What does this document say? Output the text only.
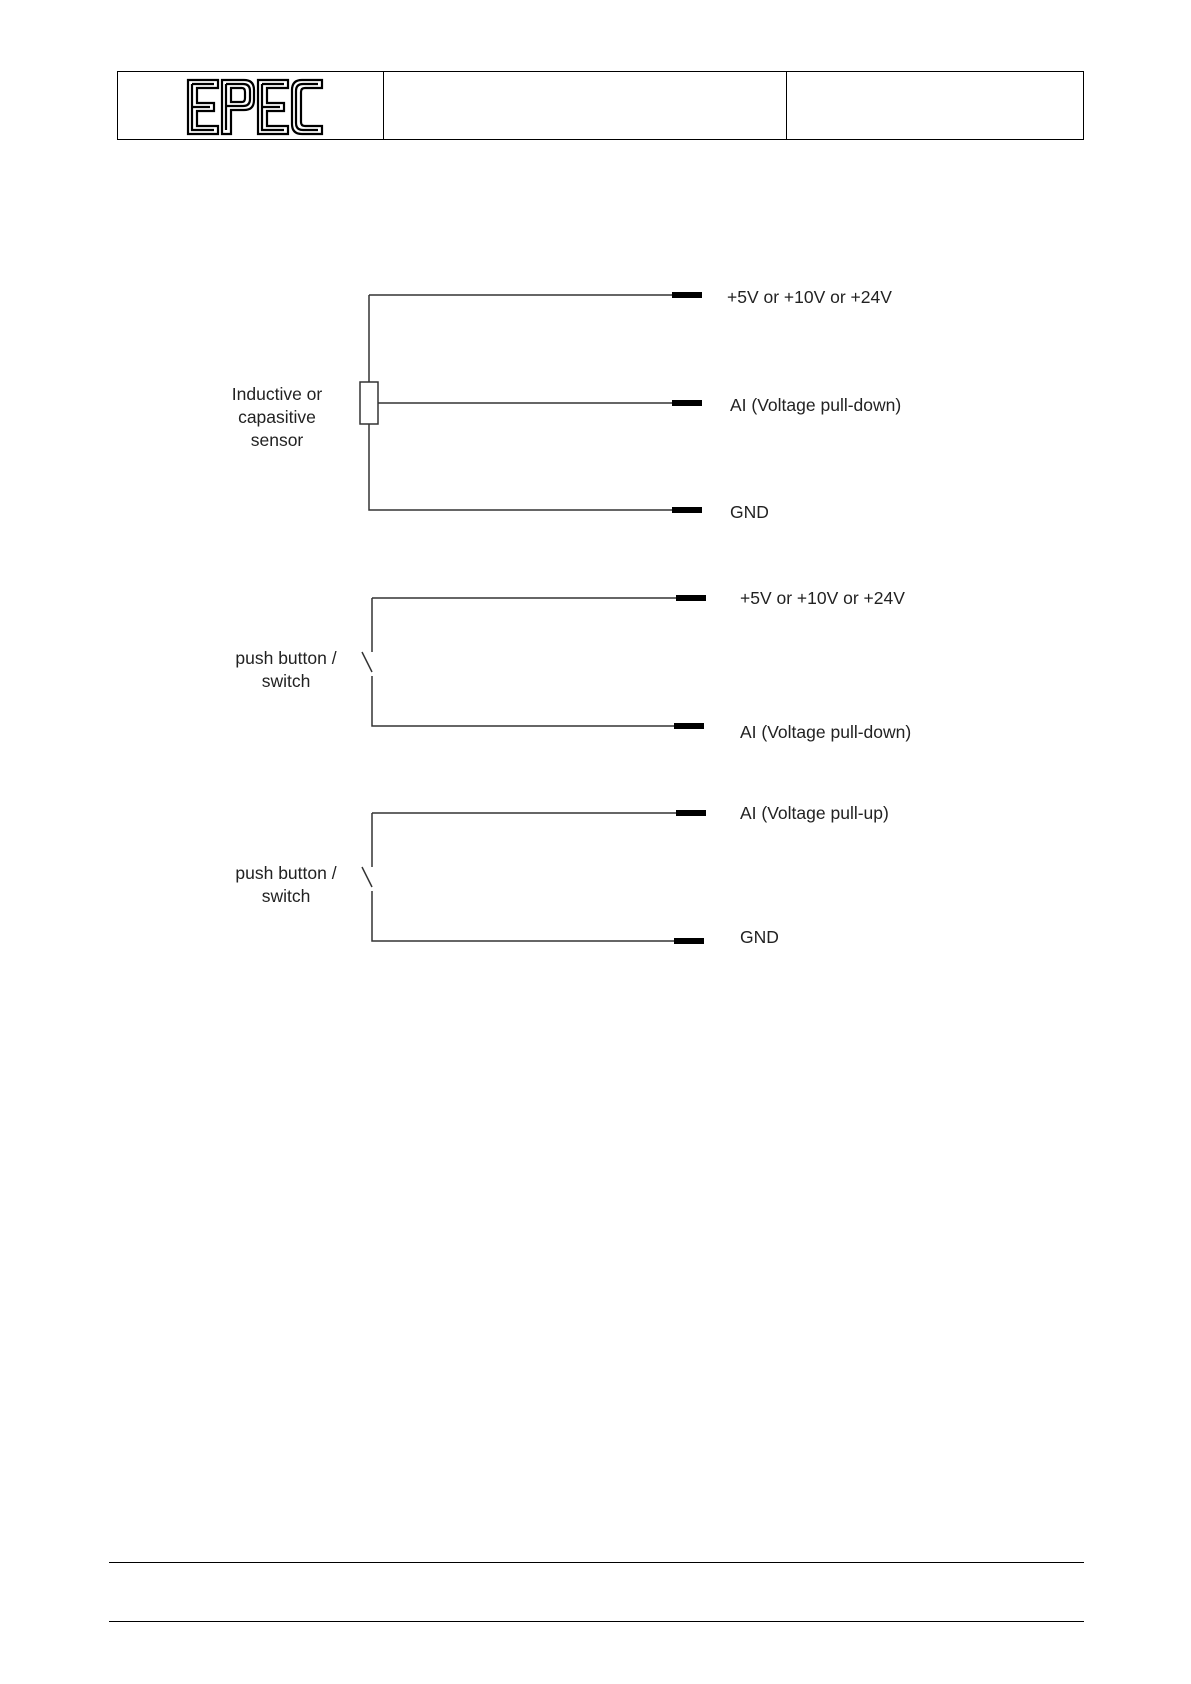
Inductive or
capasitive
sensor
+5V or +10V or +24V
AI (Voltage pull-down)
GND
push button /
switch
+5V or +10V or +24V
AI (Voltage pull-down)
push button /
switch
AI (Voltage pull-up)
GND
